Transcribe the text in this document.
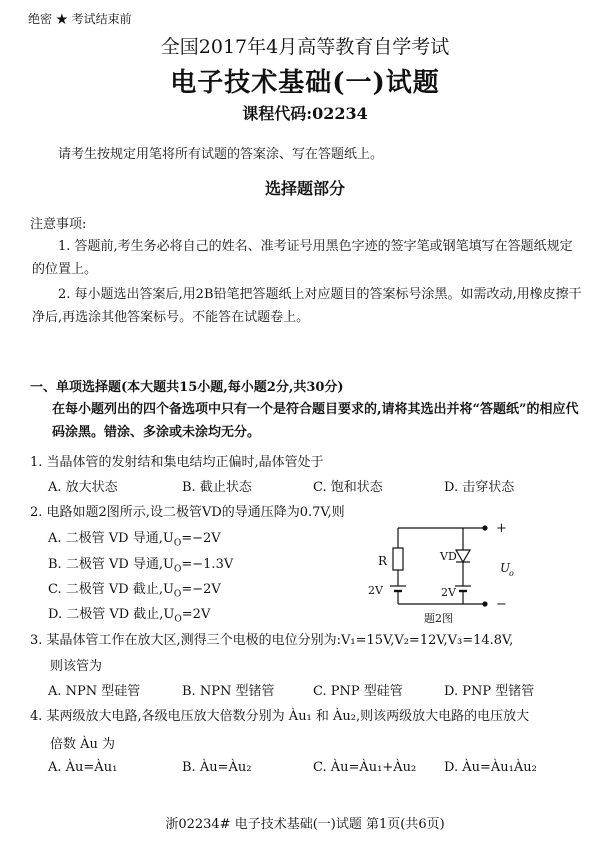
绝密 ★ 考试结束前
全国2017年4月高等教育自学考试
电子技术基础(一)试题
课程代码:02234
请考生按规定用笔将所有试题的答案涂、写在答题纸上。
选择题部分
注意事项:
1. 答题前,考生务必将自己的姓名、准考证号用黑色字迹的签字笔或钢笔填写在答题纸规定的位置上。
2. 每小题选出答案后,用2B铅笔把答题纸上对应题目的答案标号涂黑。如需改动,用橡皮擦干净后,再选涂其他答案标号。不能答在试题卷上。
一、单项选择题(本大题共15小题,每小题2分,共30分)
在每小题列出的四个备选项中只有一个是符合题目要求的,请将其选出并将“答题纸”的相应代码涂黑。错涂、多涂或未涂均无分。
1. 当晶体管的发射结和集电结均正偏时,晶体管处于
A. 放大状态	B. 截止状态	C. 饱和状态	D. 击穿状态
2. 电路如题2图所示,设二极管VD的导通压降为0.7V,则
A. 二极管 VD 导通$,U_O=-2V$
B. 二极管 VD 导通$,U_O=-1.3V$
C. 二极管 VD 截止$,U_O=-2V$
D. 二极管 VD 截止$,U_O=2V$
R	VD
2V	2V
+
−
U
o
题2图
3. 某晶体管工作在放大区,测得三个电极的电位分别为:V₁=15V,V₂=12V,V₃=14.8V,
则该管为
A. NPN 型硅管	B. NPN 型锗管	C. PNP 型硅管	D. PNP 型锗管
4. 某两级放大电路,各级电压放大倍数分别为 Àu₁ 和 Àu₂,则该两级放大电路的电压放大
倍数 Àu 为
A. Àu=Àu₁	B. Àu=Àu₂	C. Àu=Àu₁+Àu₂ D. Àu=Àu₁Àu₂
浙02234# 电子技术基础(一)试题 第1页(共6页)
